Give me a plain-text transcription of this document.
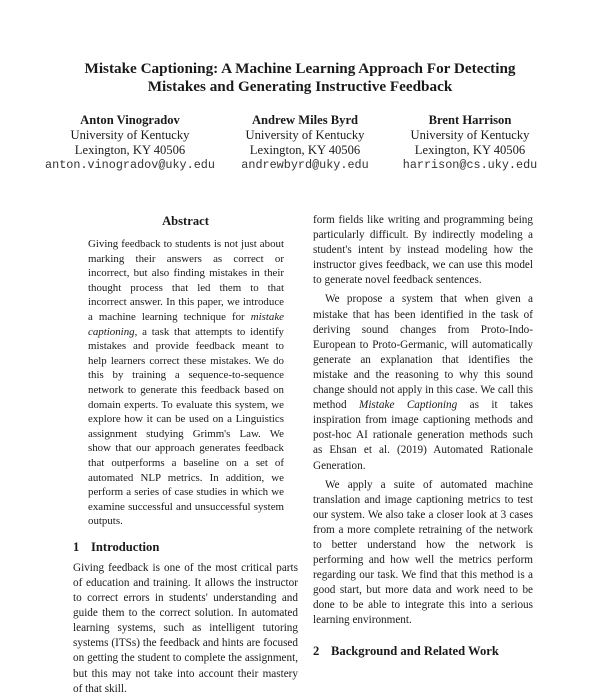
Mistake Captioning: A Machine Learning Approach For Detecting
Mistakes and Generating Instructive Feedback
Anton Vinogradov
University of Kentucky
Lexington, KY 40506
anton.vinogradov@uky.edu
Andrew Miles Byrd
University of Kentucky
Lexington, KY 40506
andrewbyrd@uky.edu
Brent Harrison
University of Kentucky
Lexington, KY 40506
harrison@cs.uky.edu
Abstract

Giving feedback to students is not just about marking their answers as correct or incorrect, but also finding mistakes in their thought process that led them to that incorrect answer. In this paper, we introduce a machine learning technique for mistake captioning, a task that attempts to identify mistakes and provide feedback meant to help learners correct these mistakes. We do this by training a sequence-to-sequence network to generate this feedback based on domain experts. To evaluate this system, we explore how it can be used on a Linguistics assignment studying Grimm's Law. We show that our approach generates feedback that outperforms a baseline on a set of automated NLP metrics. In addition, we perform a series of case studies in which we examine successful and unsuccessful system outputs.

1 Introduction

Giving feedback is one of the most critical parts of education and training. It allows the instructor to correct errors in students' understanding and guide them to the correct solution. In automated learning systems, such as intelligent tutoring systems (ITSs) the feedback and hints are focused on getting the student to complete the assignment, but this may not take into account their mastery of that skill.

form fields like writing and programming being particularly difficult. By indirectly modeling a student's intent by instead modeling how the instructor gives feedback, we can use this model to generate novel feedback sentences.

We propose a system that when given a mistake that has been identified in the task of deriving sound changes from Proto-Indo-European to Proto-Germanic, will automatically generate an explanation that identifies the mistake and the reasoning to why this sound change should not apply in this case. We call this method Mistake Captioning as it takes inspiration from image captioning methods and post-hoc AI rationale generation methods such as Ehsan et al. (2019) Automated Rationale Generation.

We apply a suite of automated machine translation and image captioning metrics to test our system. We also take a closer look at 3 cases from a more complete retraining of the network to better understand how the network is performing and how well the metrics perform regarding our task. We find that this method is a good start, but more data and work need to be done to be able to integrate this into a serious learning environment.

2 Background and Related Work
